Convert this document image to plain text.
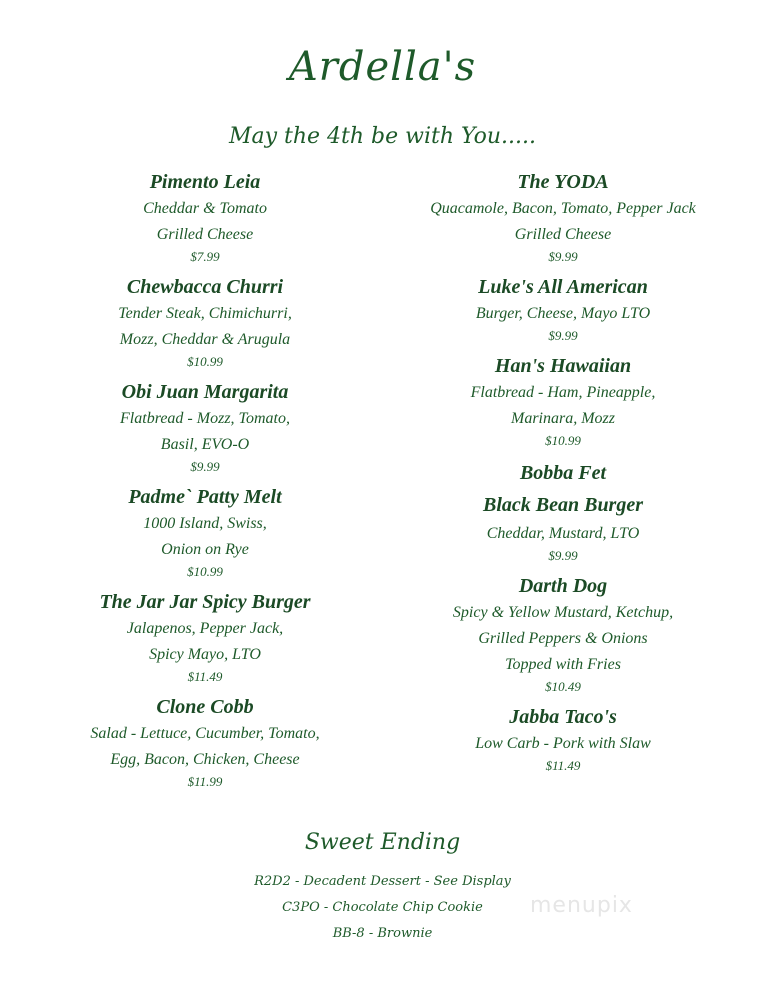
Ardella's
May the 4th be with You.....
Pimento Leia
Cheddar & Tomato
Grilled Cheese
$7.99
Chewbacca Churri
Tender Steak, Chimichurri,
Mozz, Cheddar & Arugula
$10.99
Obi Juan Margarita
Flatbread - Mozz, Tomato,
Basil, EVO-O
$9.99
Padme` Patty Melt
1000 Island, Swiss,
Onion on Rye
$10.99
The Jar Jar Spicy Burger
Jalapenos, Pepper Jack,
Spicy Mayo, LTO
$11.49
Clone Cobb
Salad - Lettuce, Cucumber, Tomato,
Egg, Bacon, Chicken, Cheese
$11.99
The YODA
Quacamole, Bacon, Tomato, Pepper Jack
Grilled Cheese
$9.99
Luke's All American
Burger, Cheese, Mayo LTO
$9.99
Han's Hawaiian
Flatbread - Ham, Pineapple,
Marinara, Mozz
$10.99
Bobba Fet
Black Bean Burger
Cheddar, Mustard, LTO
$9.99
Darth Dog
Spicy & Yellow Mustard, Ketchup,
Grilled Peppers & Onions
Topped with Fries
$10.49
Jabba Taco's
Low Carb - Pork with Slaw
$11.49
Sweet Ending
R2D2 - Decadent Dessert - See Display
C3PO - Chocolate Chip Cookie
BB-8 - Brownie
menupix
